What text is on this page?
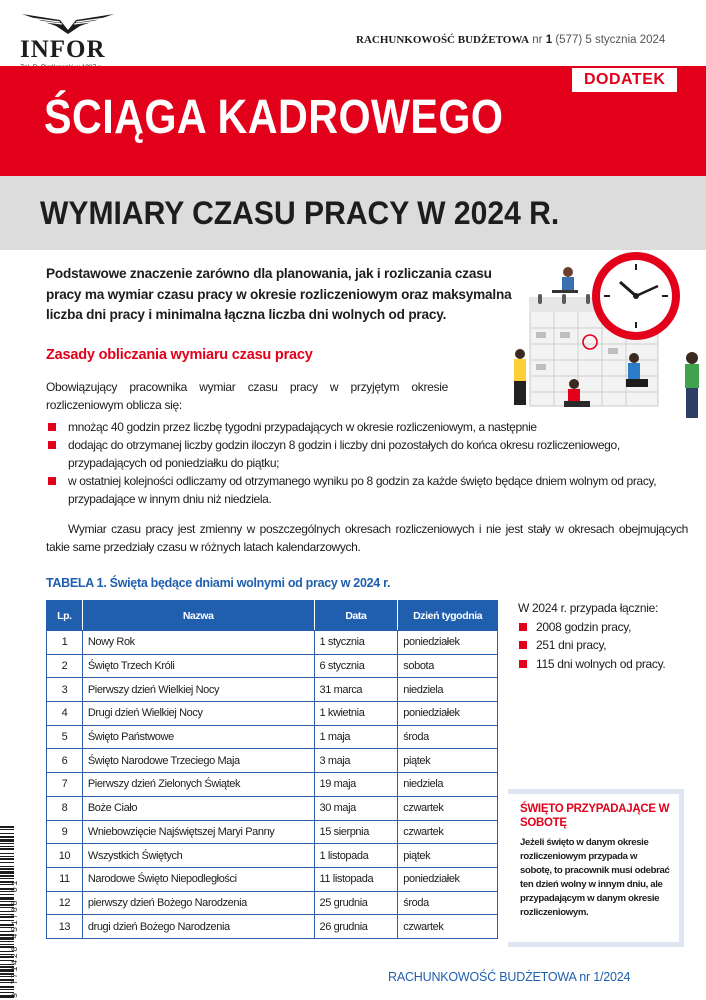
INFOR	RACHUNKOWOŚĆ BUDŻETOWA nr 1 (577) 5 stycznia 2024
DODATEK
ŚCIĄGA KADROWEGO
WYMIARY CZASU PRACY W 2024 R.
Podstawowe znaczenie zarówno dla planowania, jak i rozliczania czasu pracy ma wymiar czasu pracy w okresie rozliczeniowym oraz maksymalna liczba dni pracy i minimalna łączna liczba dni wolnych od pracy.
Zasady obliczania wymiaru czasu pracy
Obowiązujący pracownika wymiar czasu pracy w przyjętym okresie rozliczeniowym oblicza się:
mnożąc 40 godzin przez liczbę tygodni przypadających w okresie rozliczeniowym, a następnie
dodając do otrzymanej liczby godzin iloczyn 8 godzin i liczby dni pozostałych do końca okresu rozliczeniowego, przypadających od poniedziałku do piątku;
w ostatniej kolejności odliczamy od otrzymanego wyniku po 8 godzin za każde święto będące dniem wolnym od pracy, przypadające w innym dniu niż niedziela.
Wymiar czasu pracy jest zmienny w poszczególnych okresach rozliczeniowych i nie jest stały w okresach obejmujących takie same przedziały czasu w różnych latach kalendarzowych.
TABELA 1. Święta będące dniami wolnymi od pracy w 2024 r.
Lp.	Nazwa	Data	Dzień tygodnia
1	Nowy Rok	1 stycznia	poniedziałek
2	Święto Trzech Króli	6 stycznia	sobota
3	Pierwszy dzień Wielkiej Nocy	31 marca	niedziela
4	Drugi dzień Wielkiej Nocy	1 kwietnia	poniedziałek
5	Święto Państwowe	1 maja	środa
6	Święto Narodowe Trzeciego Maja	3 maja	piątek
7	Pierwszy dzień Zielonych Świątek	19 maja	niedziela
8	Boże Ciało	30 maja	czwartek
9	Wniebowzięcie Najświętszej Maryi Panny	15 sierpnia	czwartek
10	Wszystkich Świętych	1 listopada	piątek
11	Narodowe Święto Niepodległości	11 listopada	poniedziałek
12	pierwszy dzień Bożego Narodzenia	25 grudnia	środa
13	drugi dzień Bożego Narodzenia	26 grudnia	czwartek
W 2024 r. przypada łącznie:
2008 godzin pracy,
251 dni pracy,
115 dni wolnych od pracy.
ŚWIĘTO PRZYPADAJĄCE W SOBOTĘ
Jeżeli święto w danym okresie rozliczeniowym przypada w sobotę, to pracownik musi odebrać ten dzień wolny w innym dniu, ale przypadającym w danym okresie rozliczeniowym.
9 771428 451788 01	RACHUNKOWOŚĆ BUDŻETOWA nr 1/2024
